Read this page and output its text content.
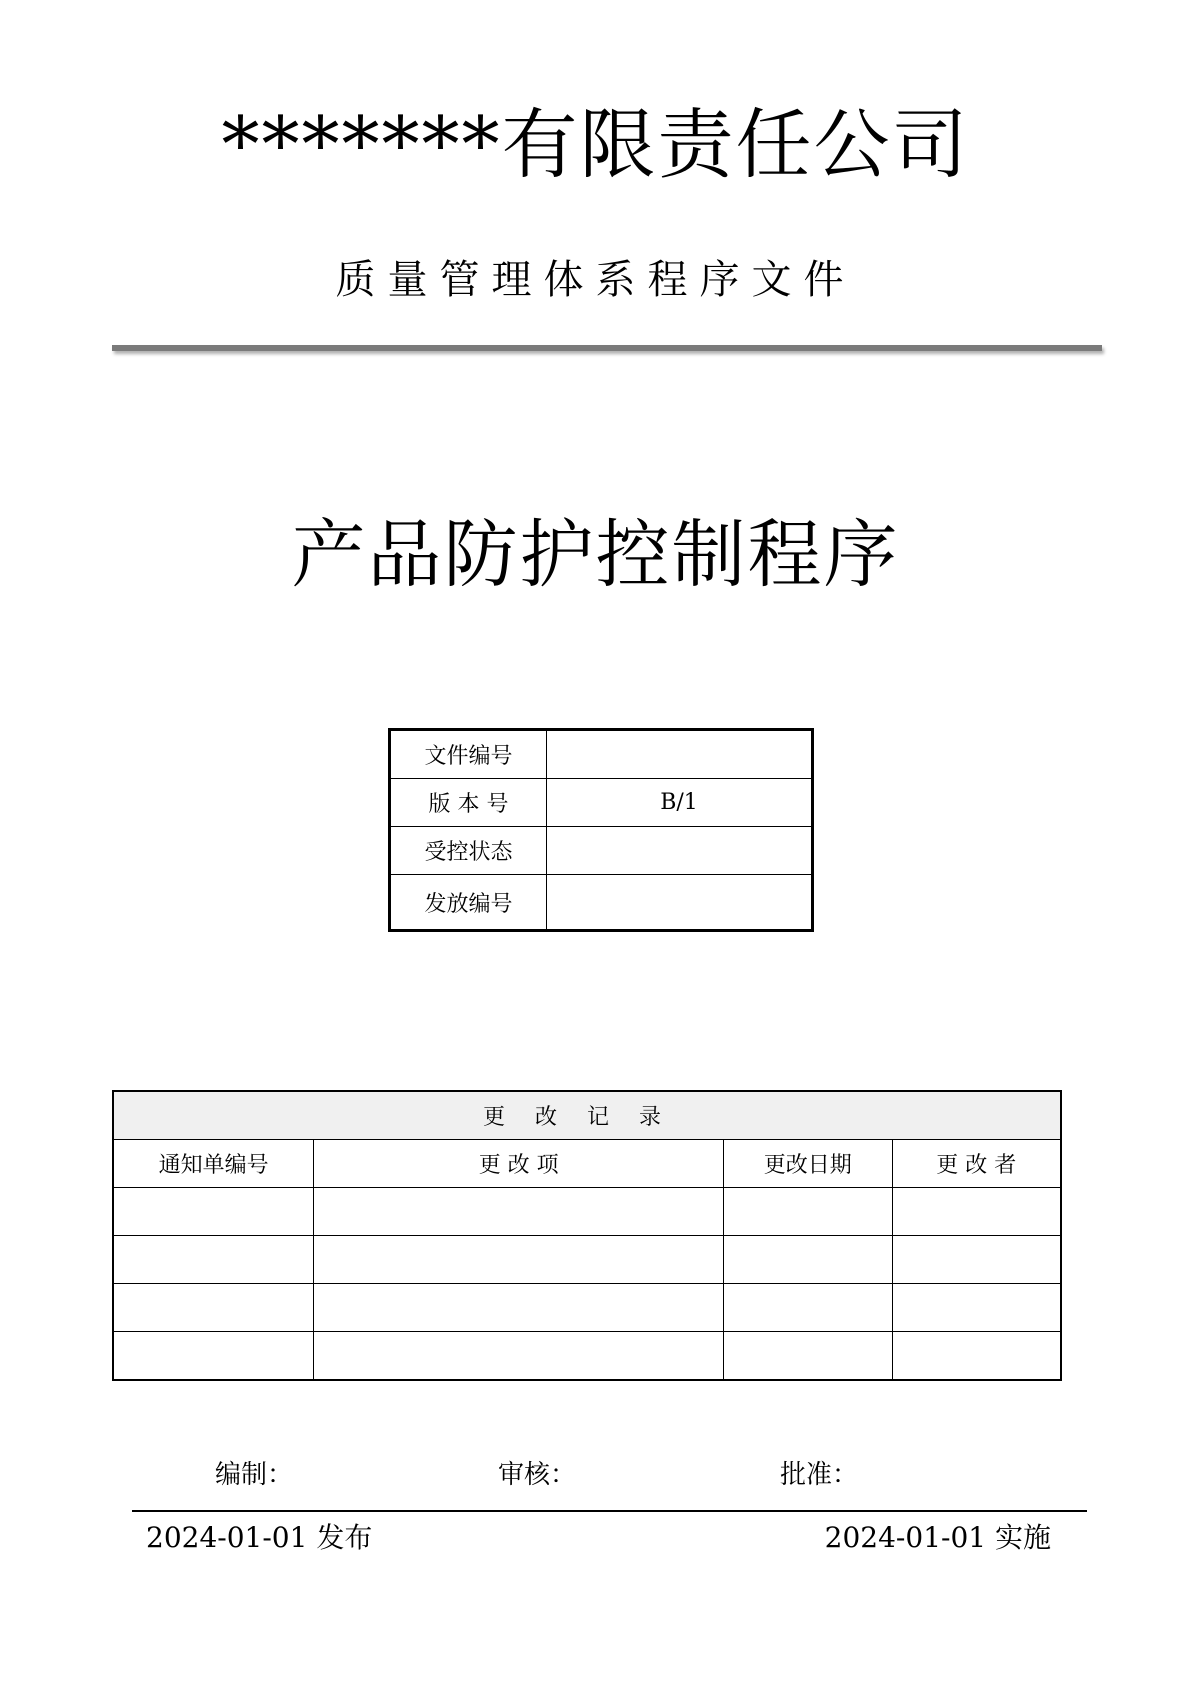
*******有限责任公司
质量管理体系程序文件
产品防护控制程序
文件编号	
版 本 号	B/1
受控状态	
发放编号	
更改记录			
通知单编号	更 改 项	更改日期	更 改 者

编制：	审核：	批准：
2024-01-01 发布	2024-01-01 实施
